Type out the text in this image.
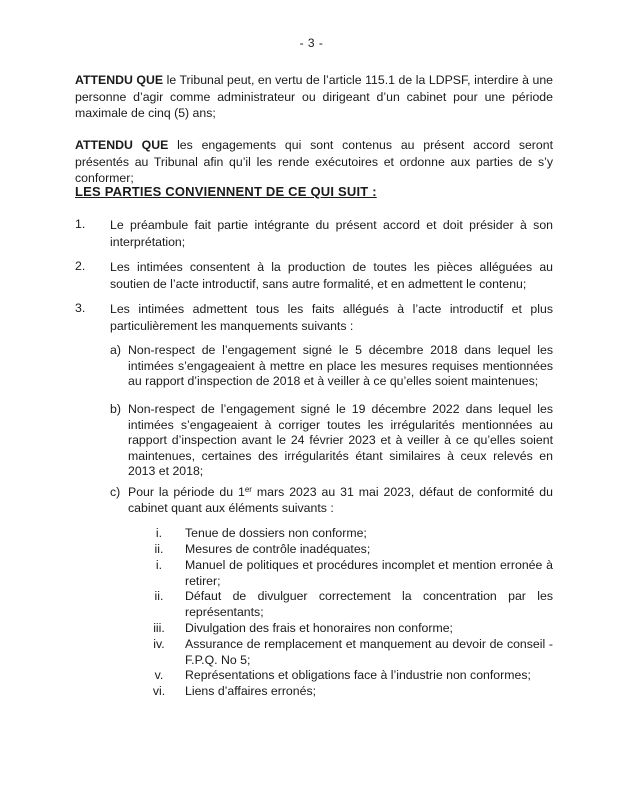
- 3 -
ATTENDU QUE le Tribunal peut, en vertu de l’article 115.1 de la LDPSF, interdire à une personne d’agir comme administrateur ou dirigeant d’un cabinet pour une période maximale de cinq (5) ans;
ATTENDU QUE les engagements qui sont contenus au présent accord seront présentés au Tribunal afin qu’il les rende exécutoires et ordonne aux parties de s’y conformer;
LES PARTIES CONVIENNENT DE CE QUI SUIT :
1. Le préambule fait partie intégrante du présent accord et doit présider à son interprétation;
2. Les intimées consentent à la production de toutes les pièces alléguées au soutien de l’acte introductif, sans autre formalité, et en admettent le contenu;
3. Les intimées admettent tous les faits allégués à l’acte introductif et plus particulièrement les manquements suivants :
a) Non-respect de l’engagement signé le 5 décembre 2018 dans lequel les intimées s’engageaient à mettre en place les mesures requises mentionnées au rapport d’inspection de 2018 et à veiller à ce qu’elles soient maintenues;
b) Non-respect de l’engagement signé le 19 décembre 2022 dans lequel les intimées s’engageaient à corriger toutes les irrégularités mentionnées au rapport d’inspection avant le 24 février 2023 et à veiller à ce qu’elles soient maintenues, certaines des irrégularités étant similaires à ceux relevés en 2013 et 2018;
c) Pour la période du 1er mars 2023 au 31 mai 2023, défaut de conformité du cabinet quant aux éléments suivants :
i.	Tenue de dossiers non conforme;
ii.	Mesures de contrôle inadéquates;
i.	Manuel de politiques et procédures incomplet et mention erronée à retirer;
ii.	Défaut de divulguer correctement la concentration par les représentants;
iii.	Divulgation des frais et honoraires non conforme;
iv.	Assurance de remplacement et manquement au devoir de conseil - F.P.Q. No 5;
v.	Représentations et obligations face à l’industrie non conformes;
vi.	Liens d’affaires erronés;
